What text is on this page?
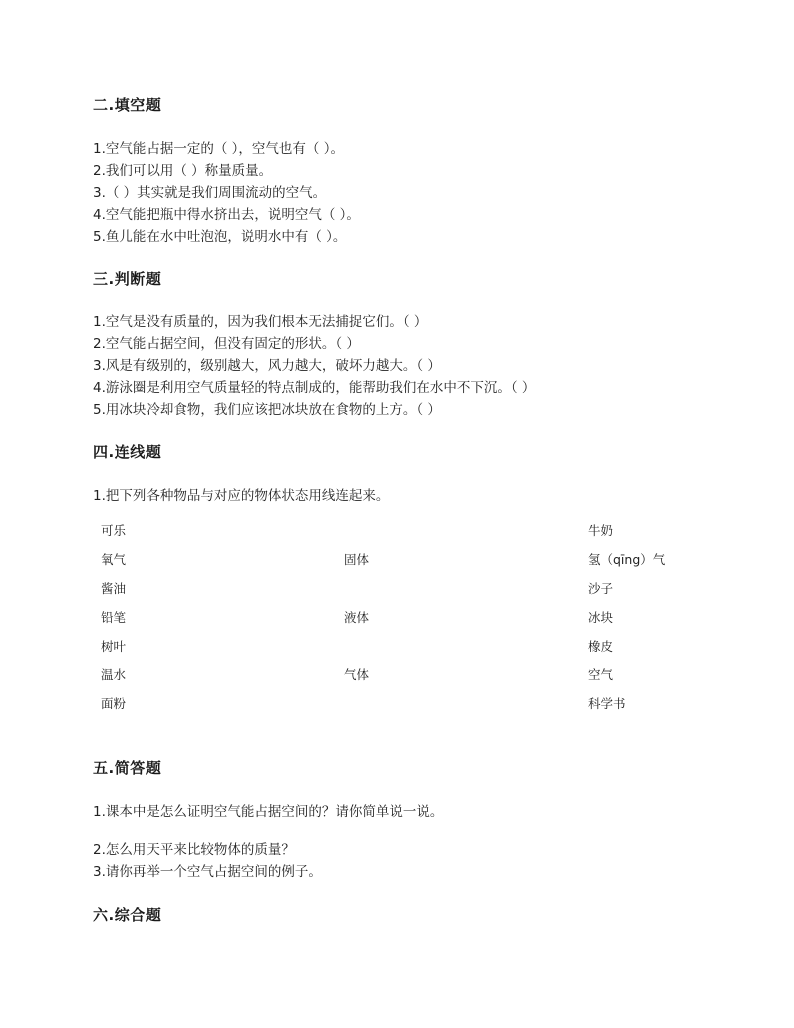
二.填空题
1.空气能占据一定的（ ），空气也有（ ）。
2.我们可以用（ ）称量质量。
3.（ ）其实就是我们周围流动的空气。
4.空气能把瓶中得水挤出去，说明空气（ ）。
5.鱼儿能在水中吐泡泡，说明水中有（ ）。
三.判断题
1.空气是没有质量的，因为我们根本无法捕捉它们。（ ）
2.空气能占据空间，但没有固定的形状。（ ）
3.风是有级别的，级别越大，风力越大，破坏力越大。（ ）
4.游泳圈是利用空气质量轻的特点制成的，能帮助我们在水中不下沉。（ ）
5.用冰块冷却食物，我们应该把冰块放在食物的上方。（ ）
四.连线题
1.把下列各种物品与对应的物体状态用线连起来。
可乐
氧气
酱油
铅笔
树叶
温水
面粉
固体
液体
气体
牛奶
氢（qīng）气
沙子
冰块
橡皮
空气
科学书
五.简答题
1.课本中是怎么证明空气能占据空间的？请你简单说一说。
2.怎么用天平来比较物体的质量？
3.请你再举一个空气占据空间的例子。
六.综合题
